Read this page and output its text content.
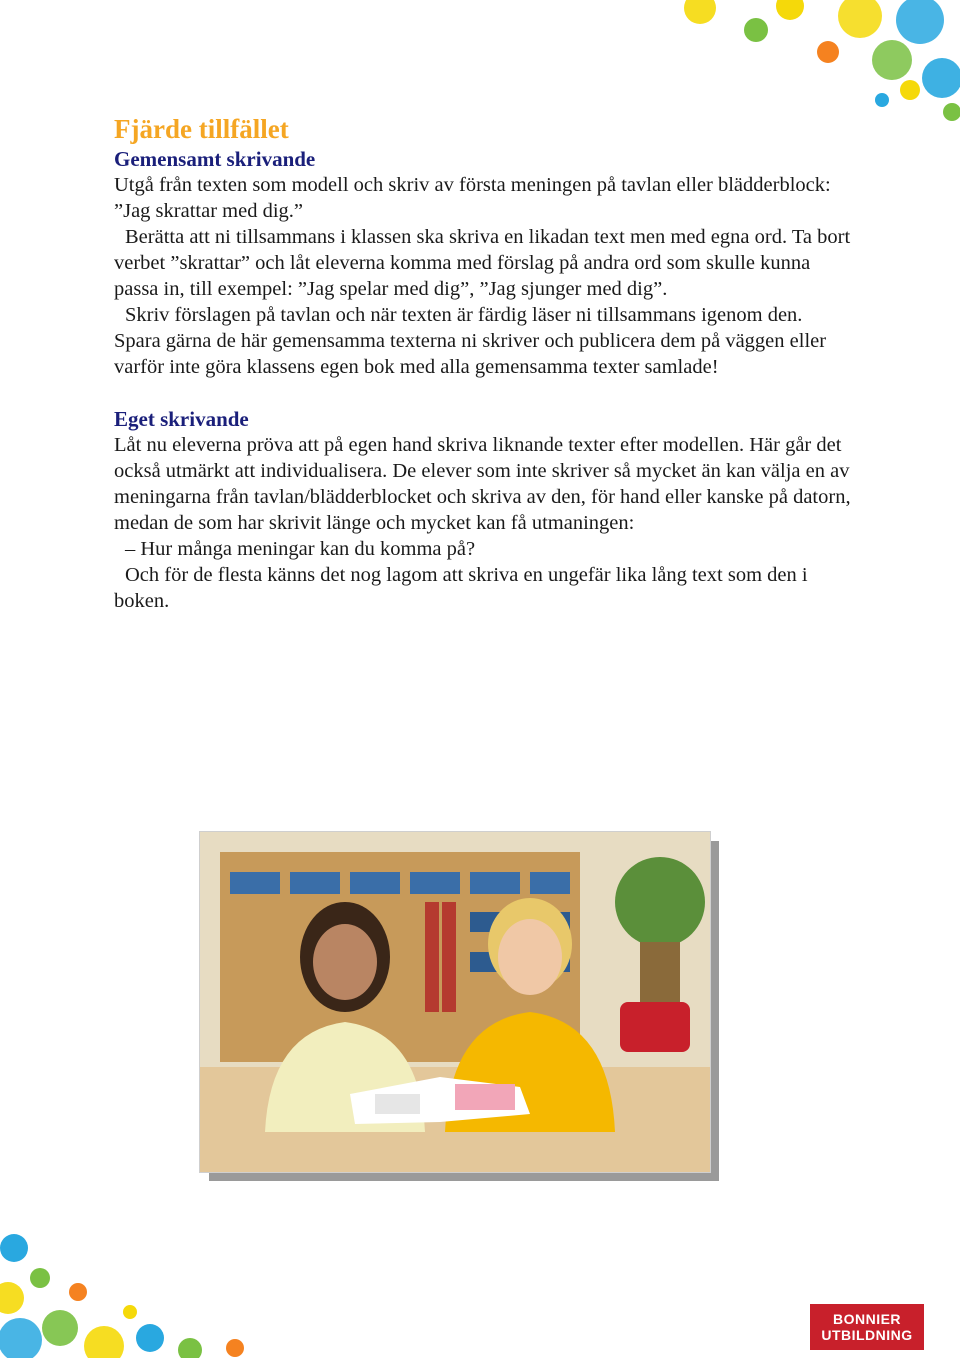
Fjärde tillfället
Gemensamt skrivande

Utgå från texten som modell och skriv av första meningen på tavlan eller blädderblock: ”Jag skrattar med dig.”

Berätta att ni tillsammans i klassen ska skriva en likadan text men med egna ord. Ta bort verbet ”skrattar” och låt eleverna komma med förslag på andra ord som skulle kunna passa in, till exempel: ”Jag spelar med dig”, ”Jag sjunger med dig”.

Skriv förslagen på tavlan och när texten är färdig läser ni tillsammans igenom den. Spara gärna de här gemensamma texterna ni skriver och publicera dem på väggen eller varför inte göra klassens egen bok med alla gemensamma texter samlade!

Eget skrivande

Låt nu eleverna pröva att på egen hand skriva liknande texter efter modellen. Här går det också utmärkt att individualisera. De elever som inte skriver så mycket än kan välja en av meningarna från tavlan/blädderblocket och skriva av den, för hand eller kanske på datorn, medan de som har skrivit länge och mycket kan få utmaningen:

– Hur många meningar kan du komma på?

Och för de flesta känns det nog lagom att skriva en ungefär lika lång text som den i boken.

BONNIER
UTBILDNING
